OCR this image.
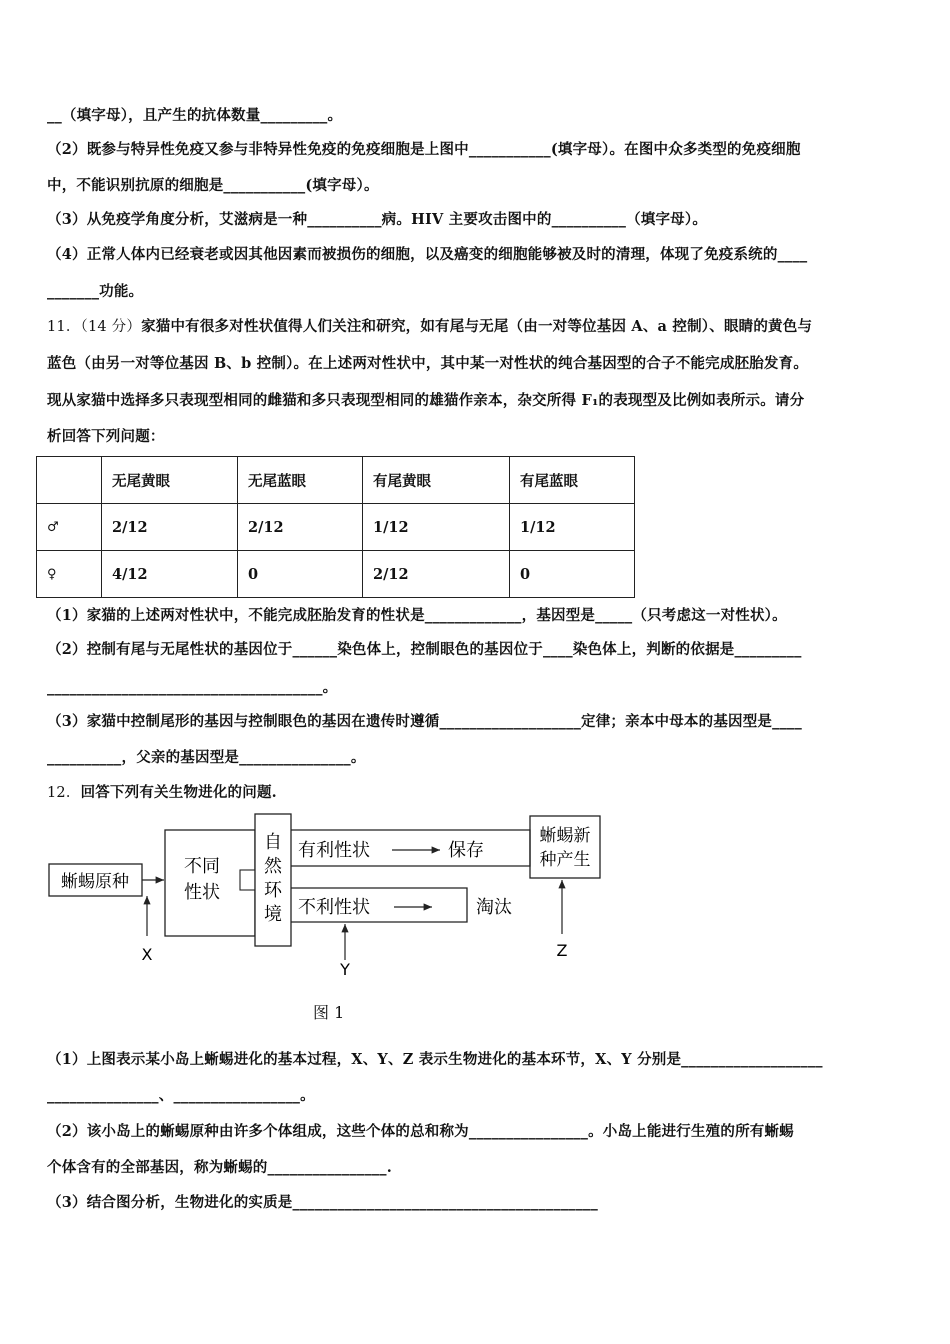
__（填字母），且产生的抗体数量_________。
（2）既参与特异性免疫又参与非特异性免疫的免疫细胞是上图中___________(填字母）。在图中众多类型的免疫细胞
中，不能识别抗原的细胞是___________(填字母）。
（3）从免疫学角度分析，艾滋病是一种__________病。HIV 主要攻击图中的__________（填字母）。
（4）正常人体内已经衰老或因其他因素而被损伤的细胞，以及癌变的细胞能够被及时的清理，体现了免疫系统的____
_______功能。
11．（14 分）家猫中有很多对性状值得人们关注和研究，如有尾与无尾（由一对等位基因 A、a 控制）、眼睛的黄色与
蓝色（由另一对等位基因 B、b 控制）。在上述两对性状中，其中某一对性状的纯合基因型的合子不能完成胚胎发育。
现从家猫中选择多只表现型相同的雌猫和多只表现型相同的雄猫作亲本，杂交所得 F₁的表现型及比例如表所示。请分
析回答下列问题：
	无尾黄眼	无尾蓝眼	有尾黄眼	有尾蓝眼
♂	2/12	2/12	1/12	1/12
♀	4/12	0	2/12	0
（1）家猫的上述两对性状中，不能完成胚胎发育的性状是_____________，基因型是_____（只考虑这一对性状）。
（2）控制有尾与无尾性状的基因位于______染色体上，控制眼色的基因位于____染色体上，判断的依据是_________
_____________________________________。
（3）家猫中控制尾形的基因与控制眼色的基因在遗传时遵循___________________定律；亲本中母本的基因型是____
__________，父亲的基因型是_______________。
12．回答下列有关生物进化的问题.
蜥蜴原种
不同
性状
自
然
环
境
有利性状	保存
不利性状	淘汰
蜥蜴新
种产生
X
Y
Z
图 1
（1）上图表示某小岛上蜥蜴进化的基本过程，X、Y、Z 表示生物进化的基本环节，X、Y 分别是___________________
_______________、_________________。
（2）该小岛上的蜥蜴原种由许多个体组成，这些个体的总和称为________________。小岛上能进行生殖的所有蜥蜴
个体含有的全部基因，称为蜥蜴的________________.
（3）结合图分析，生物进化的实质是_________________________________________
